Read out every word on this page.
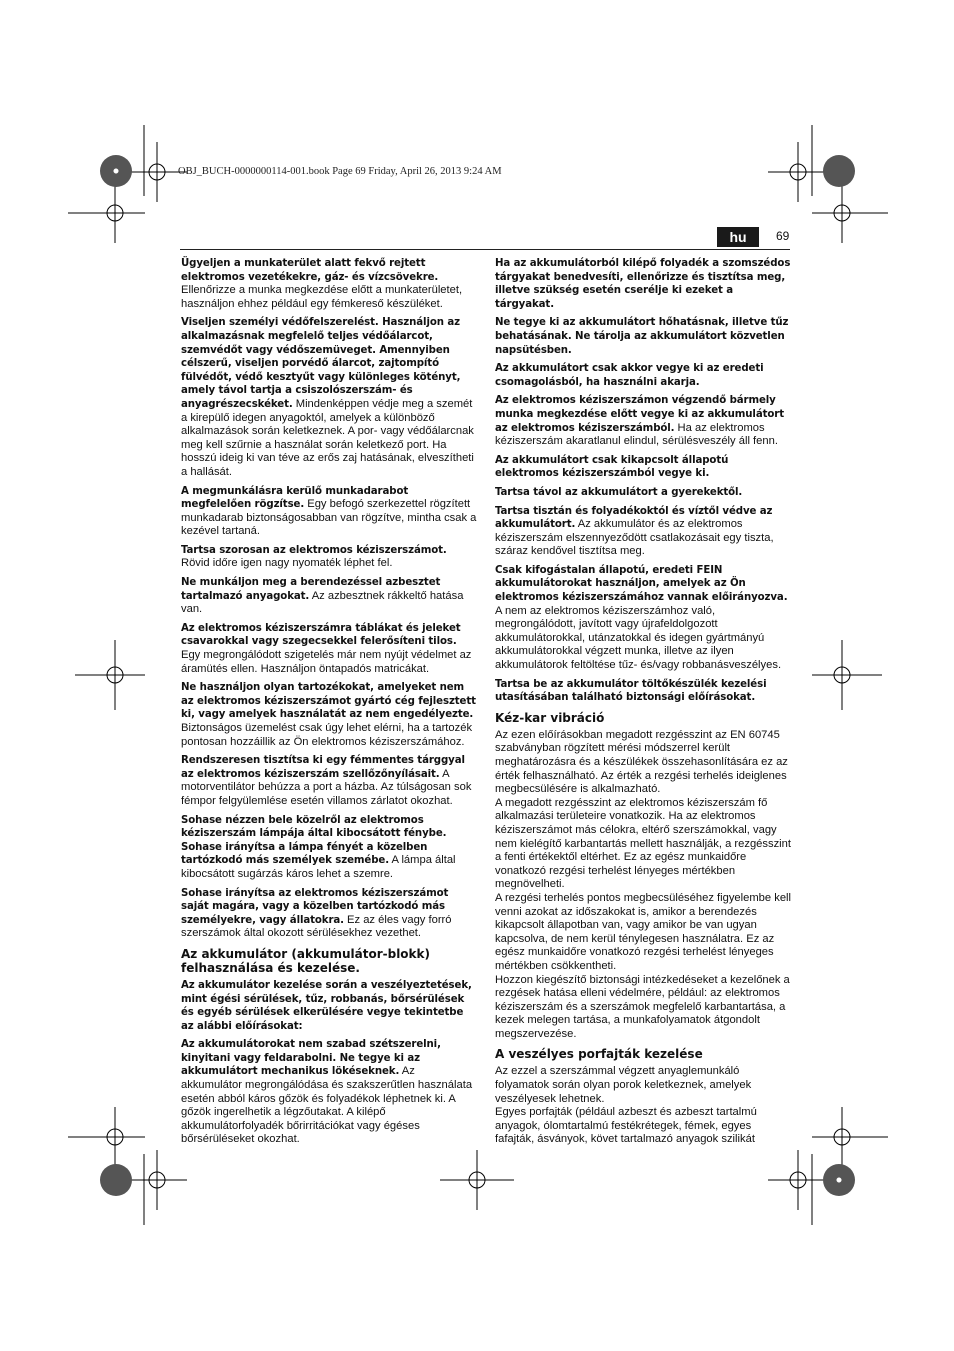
OBJ_BUCH-0000000114-001.book Page 69 Friday, April 26, 2013 9:24 AM
hu	69

Ügyeljen a munkaterület alatt fekvő rejtett elektromos vezetékekre, gáz- és vízcsövekre. Ellenőrizze a munka megkezdése előtt a munkaterületet, használjon ehhez például egy fémkereső készüléket.

Viseljen személyi védőfelszerelést. Használjon az alkalmazásnak megfelelő teljes védőálarcot, szemvédőt vagy védőszemüveget. Amennyiben célszerű, viseljen porvédő álarcot, zajtompító fülvédőt, védő kesztyűt vagy különleges kötényt, amely távol tartja a csiszolószerszám- és anyagrészecskéket. Mindenképpen védje meg a szemét a kirepülő idegen anyagoktól, amelyek a különböző alkalmazások során keletkeznek. A por- vagy védőálarcnak meg kell szűrnie a használat során keletkező port. Ha hosszú ideig ki van téve az erős zaj hatásának, elveszítheti a hallását.

A megmunkálásra kerülő munkadarabot megfelelően rögzítse. Egy befogó szerkezettel rögzített munkadarab biztonságosabban van rögzítve, mintha csak a kezével tartaná.

Tartsa szorosan az elektromos kéziszerszámot. Rövid időre igen nagy nyomaték léphet fel.

Ne munkáljon meg a berendezéssel azbesztet tartalmazó anyagokat. Az azbesztnek rákkeltő hatása van.

Az elektromos kéziszerszámra táblákat és jeleket csavarokkal vagy szegecsekkel felerősíteni tilos. Egy megrongálódott szigetelés már nem nyújt védelmet az áramütés ellen. Használjon öntapadós matricákat.

Ne használjon olyan tartozékokat, amelyeket nem az elektromos kéziszerszámot gyártó cég fejlesztett ki, vagy amelyek használatát az nem engedélyezte. Biztonságos üzemelést csak úgy lehet elérni, ha a tartozék pontosan hozzáillik az Ön elektromos kéziszerszámához.

Rendszeresen tisztítsa ki egy fémmentes tárggyal az elektromos kéziszerszám szellőzőnyílásait. A motorventilátor behúzza a port a házba. Az túlságosan sok fémpor felgyülemlése esetén villamos zárlatot okozhat.

Sohase nézzen bele közelről az elektromos kéziszerszám lámpája által kibocsátott fénybe. Sohase irányítsa a lámpa fényét a közelben tartózkodó más személyek szemébe. A lámpa által kibocsátott sugárzás káros lehet a szemre.

Sohase irányítsa az elektromos kéziszerszámot saját magára, vagy a közelben tartózkodó más személyekre, vagy állatokra. Ez az éles vagy forró szerszámok által okozott sérülésekhez vezethet.

Az akkumulátor (akkumulátor-blokk) felhasználása és kezelése.

Az akkumulátor kezelése során a veszélyeztetések, mint égési sérülések, tűz, robbanás, bőrsérülések és egyéb sérülések elkerülésére vegye tekintetbe az alábbi előírásokat:

Az akkumulátorokat nem szabad szétszerelni, kinyitani vagy feldarabolni. Ne tegye ki az akkumulátort mechanikus lökéseknek. Az akkumulátor megrongálódása és szakszerűtlen használata esetén abból káros gőzök és folyadékok léphetnek ki. A gőzök ingerelhetik a légzőutakat. A kilépő akkumulátorfolyadék bőrirritációkat vagy égéses bőrsérüléseket okozhat.

Ha az akkumulátorból kilépő folyadék a szomszédos tárgyakat benedvesíti, ellenőrizze és tisztítsa meg, illetve szükség esetén cserélje ki ezeket a tárgyakat.

Ne tegye ki az akkumulátort hőhatásnak, illetve tűz behatásának. Ne tárolja az akkumulátort közvetlen napsütésben.

Az akkumulátort csak akkor vegye ki az eredeti csomagolásból, ha használni akarja.

Az elektromos kéziszerszámon végzendő bármely munka megkezdése előtt vegye ki az akkumulátort az elektromos kéziszerszámból. Ha az elektromos kéziszerszám akaratlanul elindul, sérülésveszély áll fenn.

Az akkumulátort csak kikapcsolt állapotú elektromos kéziszerszámból vegye ki.

Tartsa távol az akkumulátort a gyerekektől.

Tartsa tisztán és folyadékoktól és víztől védve az akkumulátort. Az akkumulátor és az elektromos kéziszerszám elszennyeződött csatlakozásait egy tiszta, száraz kendővel tisztítsa meg.

Csak kifogástalan állapotú, eredeti FEIN akkumulátorokat használjon, amelyek az Ön elektromos kéziszerszámához vannak előirányozva. A nem az elektromos kéziszerszámhoz való, megrongálódott, javított vagy újrafeldolgozott akkumulátorokkal, utánzatokkal és idegen gyártmányú akkumulátorokkal végzett munka, illetve az ilyen akkumulátorok feltöltése tűz- és/vagy robbanásveszélyes.

Tartsa be az akkumulátor töltőkészülék kezelési utasításában található biztonsági előírásokat.

Kéz-kar vibráció

Az ezen előírásokban megadott rezgésszint az EN 60745 szabványban rögzített mérési módszerrel került meghatározásra és a készülékek összehasonlítására ez az érték felhasználható. Az érték a rezgési terhelés ideiglenes megbecsülésére is alkalmazható.

A megadott rezgésszint az elektromos kéziszerszám fő alkalmazási területeire vonatkozik. Ha az elektromos kéziszerszámot más célokra, eltérő szerszámokkal, vagy nem kielégítő karbantartás mellett használják, a rezgésszint a fenti értékektől eltérhet. Ez az egész munkaidőre vonatkozó rezgési terhelést lényeges mértékben megnövelheti.

A rezgési terhelés pontos megbecsüléséhez figyelembe kell venni azokat az időszakokat is, amikor a berendezés kikapcsolt állapotban van, vagy amikor be van ugyan kapcsolva, de nem kerül ténylegesen használatra. Ez az egész munkaidőre vonatkozó rezgési terhelést lényeges mértékben csökkentheti.

Hozzon kiegészítő biztonsági intézkedéseket a kezelőnek a rezgések hatása elleni védelmére, például: az elektromos kéziszerszám és a szerszámok megfelelő karbantartása, a kezek melegen tartása, a munkafolyamatok átgondolt megszervezése.

A veszélyes porfajták kezelése

Az ezzel a szerszámmal végzett anyaglemunkáló folyamatok során olyan porok keletkeznek, amelyek veszélyesek lehetnek.

Egyes porfajták (például azbeszt és azbeszt tartalmú anyagok, ólomtartalmú festékrétegek, fémek, egyes fafajták, ásványok, követ tartalmazó anyagok szilikát
